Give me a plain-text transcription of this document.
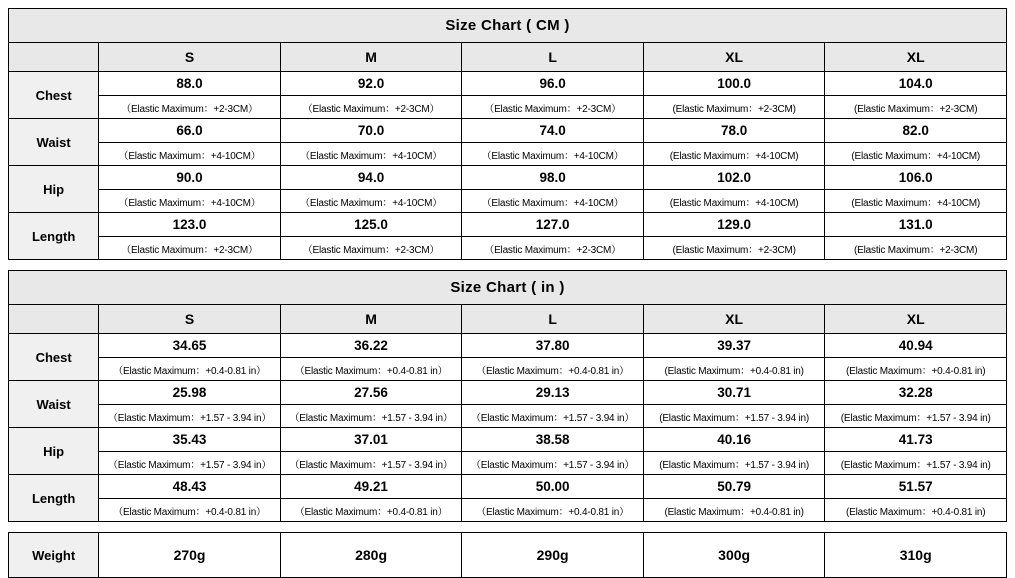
Size Chart ( CM )					
	S	M	L	XL	XL
Chest	88.0	92.0	96.0	100.0	104.0
	（Elastic Maximum：+2-3CM）	（Elastic Maximum：+2-3CM）	（Elastic Maximum：+2-3CM）	(Elastic Maximum：+2-3CM)	(Elastic Maximum：+2-3CM)
Waist	66.0	70.0	74.0	78.0	82.0
	（Elastic Maximum：+4-10CM）	（Elastic Maximum：+4-10CM）	（Elastic Maximum：+4-10CM）	(Elastic Maximum：+4-10CM)	(Elastic Maximum：+4-10CM)
Hip	90.0	94.0	98.0	102.0	106.0
	（Elastic Maximum：+4-10CM）	（Elastic Maximum：+4-10CM）	（Elastic Maximum：+4-10CM）	(Elastic Maximum：+4-10CM)	(Elastic Maximum：+4-10CM)
Length	123.0	125.0	127.0	129.0	131.0
	（Elastic Maximum：+2-3CM）	（Elastic Maximum：+2-3CM）	（Elastic Maximum：+2-3CM）	(Elastic Maximum：+2-3CM)	(Elastic Maximum：+2-3CM)
Size Chart ( in )					
	S	M	L	XL	XL
Chest	34.65	36.22	37.80	39.37	40.94
	（Elastic Maximum：+0.4-0.81 in）	（Elastic Maximum：+0.4-0.81 in）	（Elastic Maximum：+0.4-0.81 in）	(Elastic Maximum：+0.4-0.81 in)	(Elastic Maximum：+0.4-0.81 in)
Waist	25.98	27.56	29.13	30.71	32.28
	（Elastic Maximum：+1.57 - 3.94 in）	（Elastic Maximum：+1.57 - 3.94 in）	（Elastic Maximum：+1.57 - 3.94 in）	(Elastic Maximum：+1.57 - 3.94 in)	(Elastic Maximum：+1.57 - 3.94 in)
Hip	35.43	37.01	38.58	40.16	41.73
	（Elastic Maximum：+1.57 - 3.94 in）	（Elastic Maximum：+1.57 - 3.94 in）	（Elastic Maximum：+1.57 - 3.94 in）	(Elastic Maximum：+1.57 - 3.94 in)	(Elastic Maximum：+1.57 - 3.94 in)
Length	48.43	49.21	50.00	50.79	51.57
	（Elastic Maximum：+0.4-0.81 in）	（Elastic Maximum：+0.4-0.81 in）	（Elastic Maximum：+0.4-0.81 in）	(Elastic Maximum：+0.4-0.81 in)	(Elastic Maximum：+0.4-0.81 in)
Weight	270g	280g	290g	300g	310g
